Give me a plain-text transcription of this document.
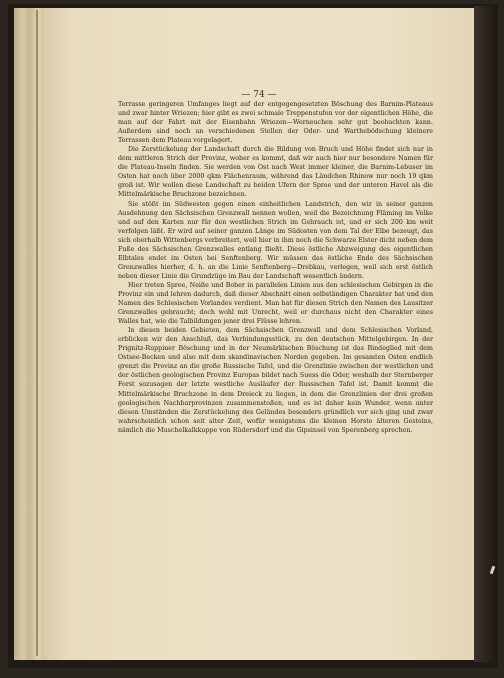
— 74 —

Terrasse geringeren Umfanges liegt auf der entgegengesetzten Böschung des Barnim-Plateaus und zwar hinter Wriezen; hier gibt es zwei schmale Treppenstufen vor der eigentlichen Höhe, die man auf der Fahrt mit der Eisenbahn Wriezen—Werneuchen sehr gut beobachten kann. Außerdem sind noch an verschiedenen Stellen der Oder- und Warthebödschung kleinere Terrassen dem Plateau vorgelagert.

Die Zerstückelung der Landschaft durch die Bildung von Bruch und Höhe findet sich nur in dem mittleren Strich der Provinz, woher es kommt, daß wir auch hier nur besondere Namen für die Plateau-Inseln finden. Sie werden von Ost nach West immer kleiner, die Barnim-Lebuser im Osten hat noch über 2000 qkm Flächenraum, während das Ländchen Rhinow nur noch 19 qkm groß ist. Wir wollen diese Landschaft zu beiden Ufern der Spree und der unteren Havel als die Mittelmärkische Bruchzone bezeichnen.

Sie stößt im Südwesten gegen einen einheitlichen Landstrich, den wir in seiner ganzen Ausdehnung den Sächsischen Grenzwall nennen wollen, weil die Bezeichnung Fläming im Volke und auf den Karten nur für den westlichen Strich im Gebrauch ist, und er sich 200 km weit verfolgen läßt. Er wird auf seiner ganzen Länge im Südosten von dem Tal der Elbe bezeugt, das sich oberhalb Wittenbergs verbreitert, weil hier in ihm noch die Schwarze Elster dicht neben dem Fuße des Sächsischen Grenzwalles entlang fließt. Diese östliche Abzweigung des eigentlichen Elbtales endet im Osten bei Senftenberg. Wir müssen das östliche Ende des Sächsischen Grenzwalles hierher, d. h. an die Linie Senftenberg—Drebkau, verlegen, weil sich erst östlich neben dieser Linie die Grundzüge im Bau der Landschaft wesentlich ändern.

Hier treten Spree, Neiße und Bober in parallelen Linien aus den schlesischen Gebirgen in die Provinz ein und lehren dadurch, daß dieser Abschnitt einen selbständigen Charakter hat und den Namen des Schlesischen Vorlandes verdient. Man hat für diesen Strich den Namen des Lausitzer Grenzwalles gebraucht; doch wohl mit Unrecht, weil er durchaus nicht den Charakter eines Walles hat, wie die Talbildungen jener drei Flüsse lehren.

In diesen beiden Gebieten, dem Sächsischen Grenzwall und dem Schlesischen Vorland, erblicken wir den Anschluß, das Verbindungsstück, zu den deutschen Mittelgebirgen. In der Prignitz-Ruppiner Böschung und in der Neumärkischen Böschung ist das Bindeglied mit dem Ostsee-Becken und also mit dem skandinavischen Norden gegeben. Im gesamten Osten endlich grenzt die Provinz an die große Russische Tafel, und die Grenzlinie zwischen der westlichen und der östlichen geologischen Provinz Europas bildet nach Suess die Oder, weshalb der Sternberger Forst sozusagen der letzte westliche Ausläufer der Russischen Tafel ist. Damit kommt die Mittelmärkische Bruchzone in dem Dreieck zu liegen, in dem die Grenzlinien der drei großen geologischen Nachbarprovinzen zusammenstoßen, und es ist daher kein Wunder, wenn unter diesen Umständen die Zerstückelung des Geländes besonders gründlich vor sich ging und zwar wahrscheinlich schon seit alter Zeit, wofür wenigstens die kleinen Horste älteren Gesteins, nämlich die Muschelkalkkuppe von Rüdersdorf und die Gipsinsel von Sperenberg sprechen.
